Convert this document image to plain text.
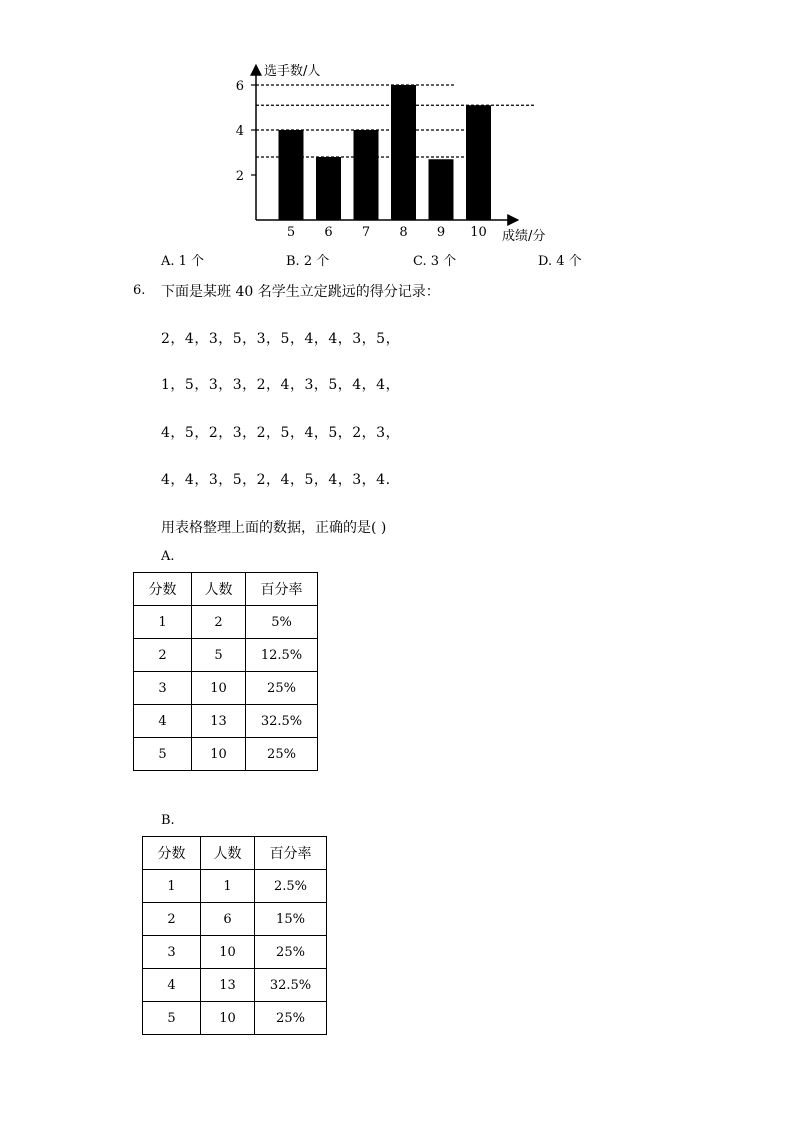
5 6 7 8 9 10
2
4
6
选手数/人
成绩/分
A. 1 个	B. 2 个	C. 3 个	D. 4 个
6. 下面是某班 40 名学生立定跳远的得分记录：
2，4，3，5，3，5，4，4，3，5，
1，5，3，3，2，4，3，5，4，4，
4，5，2，3，2，5，4，5，2，3，
4，4，3，5，2，4，5，4，3，4.
用表格整理上面的数据，正确的是( )
A.
分数	人数	百分率
1	2	5%
2	5	12.5%
3	10	25%
4	13	32.5%
5	10	25%
B.
分数	人数	百分率
1	1	2.5%
2	6	15%
3	10	25%
4	13	32.5%
5	10	25%
